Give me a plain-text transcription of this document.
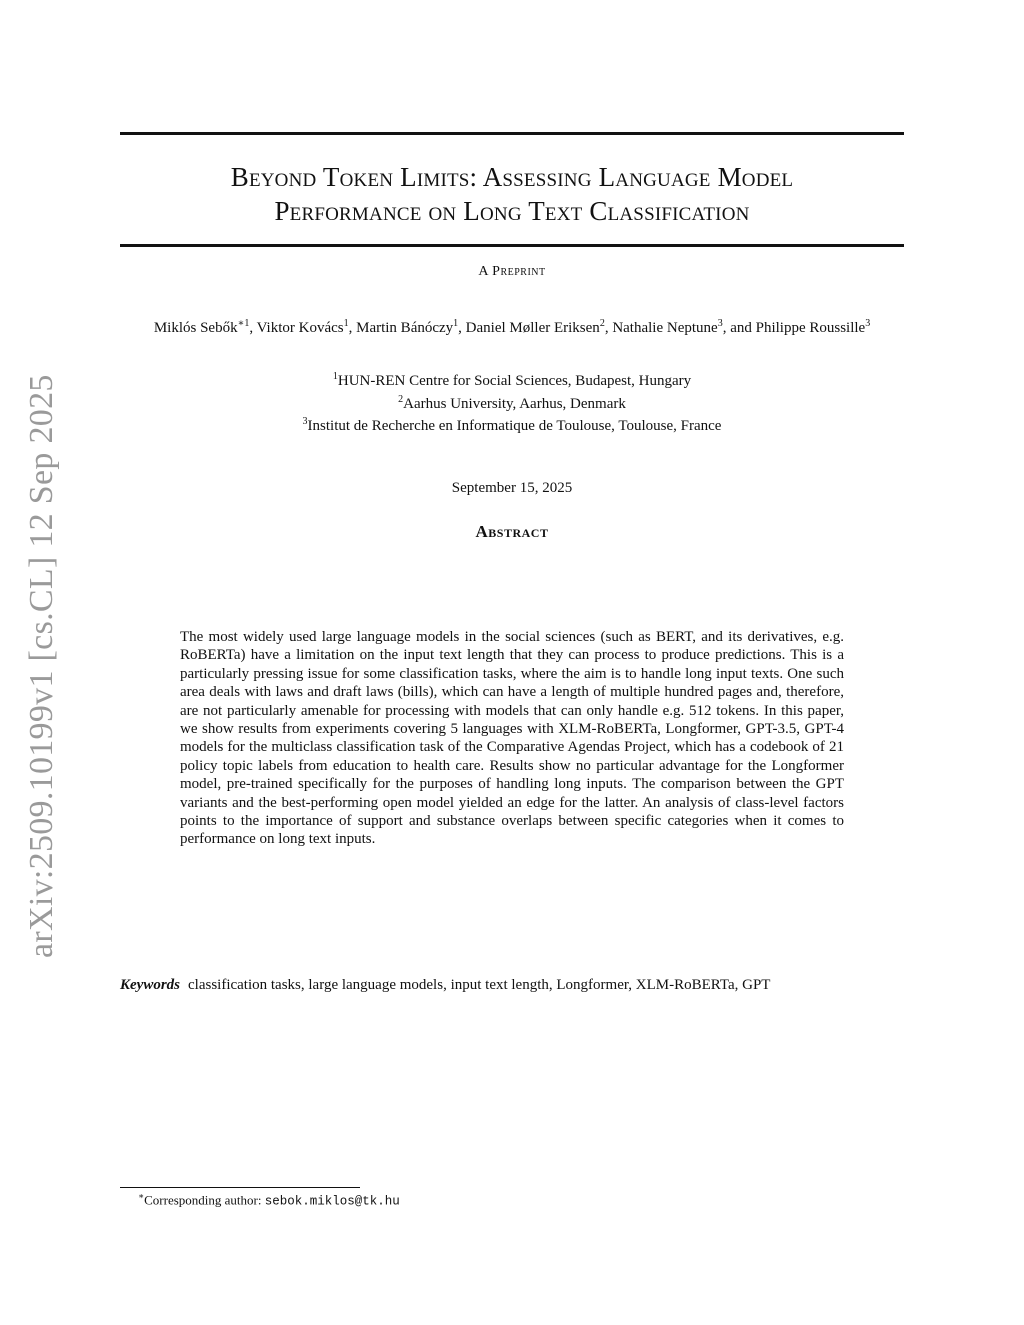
arXiv:2509.10199v1 [cs.CL] 12 Sep 2025
Beyond Token Limits: Assessing Language Model
Performance on Long Text Classification
A Preprint
Miklós Sebők$^{∗1}$, Viktor Kovács$^1$, Martin Bánóczy$^1$, Daniel Møller Eriksen$^2$, Nathalie Neptune$^3$, and Philippe Roussille$^3$
$^1$HUN-REN Centre for Social Sciences, Budapest, Hungary
$^2$Aarhus University, Aarhus, Denmark
$^3$Institut de Recherche en Informatique de Toulouse, Toulouse, France
September 15, 2025
Abstract

The most widely used large language models in the social sciences (such as BERT, and its derivatives, e.g. RoBERTa) have a limitation on the input text length that they can process to produce predictions. This is a particularly pressing issue for some classification tasks, where the aim is to handle long input texts. One such area deals with laws and draft laws (bills), which can have a length of multiple hundred pages and, therefore, are not particularly amenable for processing with models that can only handle e.g. 512 tokens. In this paper, we show results from experiments covering 5 languages with XLM-RoBERTa, Longformer, GPT-3.5, GPT-4 models for the multiclass classification task of the Comparative Agendas Project, which has a codebook of 21 policy topic labels from education to health care. Results show no particular advantage for the Longformer model, pre-trained specifically for the purposes of handling long inputs. The comparison between the GPT variants and the best-performing open model yielded an edge for the latter. An analysis of class-level factors points to the importance of support and substance overlaps between specific categories when it comes to performance on long text inputs.

Keywords classification tasks, large language models, input text length, Longformer, XLM-RoBERTa, GPT
∗Corresponding author: sebok.miklos@tk.hu
